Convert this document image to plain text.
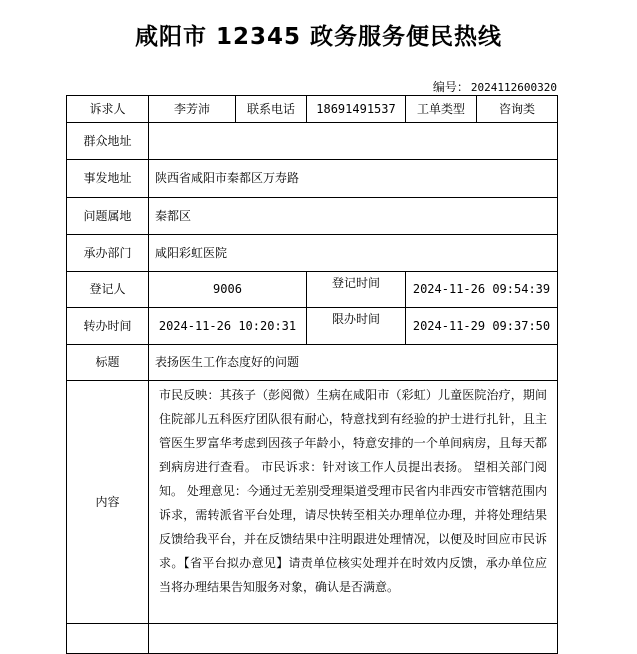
咸阳市 12345 政务服务便民热线
编号： 2024112600320
诉求人	李芳沛	联系电话	18691491537	工单类型	咨询类
群众地址					
事发地址	陕西省咸阳市秦都区万寿路				
问题属地	秦都区				
承办部门	咸阳彩虹医院				
登记人	9006		登记时间	2024-11-26 09:54:39	
转办时间	2024-11-26 10:20:31		限办时间	2024-11-29 09:37:50	
标题	表扬医生工作态度好的问题				
内容	市民反映：其孩子（彭阅微）生病在咸阳市（彩虹）儿童医院治疗，期间住院部儿五科医疗团队很有耐心，特意找到有经验的护士进行扎针，且主管医生罗富华考虑到因孩子年龄小，特意安排的一个单间病房，且每天都到病房进行查看。 市民诉求：针对该工作人员提出表扬。 望相关部门阅知。 处理意见：今通过无差别受理渠道受理市民省内非西安市管辖范围内诉求，需转派省平台处理，请尽快转至相关办理单位办理，并将处理结果反馈给我平台，并在反馈结果中注明跟进处理情况，以便及时回应市民诉求。【省平台拟办意见】请责单位核实处理并在时效内反馈，承办单位应当将办理结果告知服务对象，确认是否满意。				
